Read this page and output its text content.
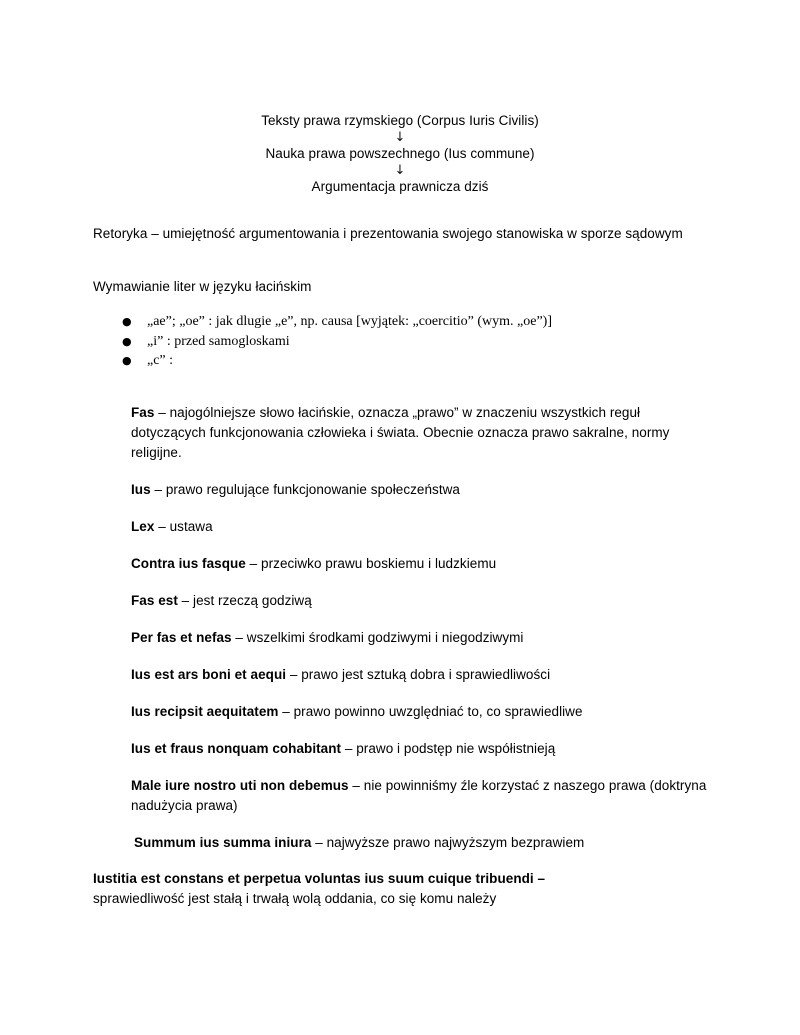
Teksty prawa rzymskiego (Corpus Iuris Civilis)
↓
Nauka prawa powszechnego (Ius commune)
↓
Argumentacja prawnicza dziś
Retoryka – umiejętność argumentowania i prezentowania swojego stanowiska w sporze sądowym
Wymawianie liter w języku łacińskim
● „ae”; „oe” : jak dlugie „e”, np. causa [wyjątek: „coercitio” (wym. „oe”)]
● „i” : przed samogloskami
● „c” :
Fas – najogólniejsze słowo łacińskie, oznacza „prawo” w znaczeniu wszystkich reguł dotyczących funkcjonowania człowieka i świata. Obecnie oznacza prawo sakralne, normy religijne.
Ius – prawo regulujące funkcjonowanie społeczeństwa
Lex – ustawa
Contra ius fasque – przeciwko prawu boskiemu i ludzkiemu
Fas est – jest rzeczą godziwą
Per fas et nefas – wszelkimi środkami godziwymi i niegodziwymi
Ius est ars boni et aequi – prawo jest sztuką dobra i sprawiedliwości
Ius recipsit aequitatem – prawo powinno uwzględniać to, co sprawiedliwe
Ius et fraus nonquam cohabitant – prawo i podstęp nie współistnieją
Male iure nostro uti non debemus – nie powinniśmy źle korzystać z naszego prawa (doktryna nadużycia prawa)
Summum ius summa iniura – najwyższe prawo najwyższym bezprawiem
Iustitia est constans et perpetua voluntas ius suum cuique tribuendi –
sprawiedliwość jest stałą i trwałą wolą oddania, co się komu należy
